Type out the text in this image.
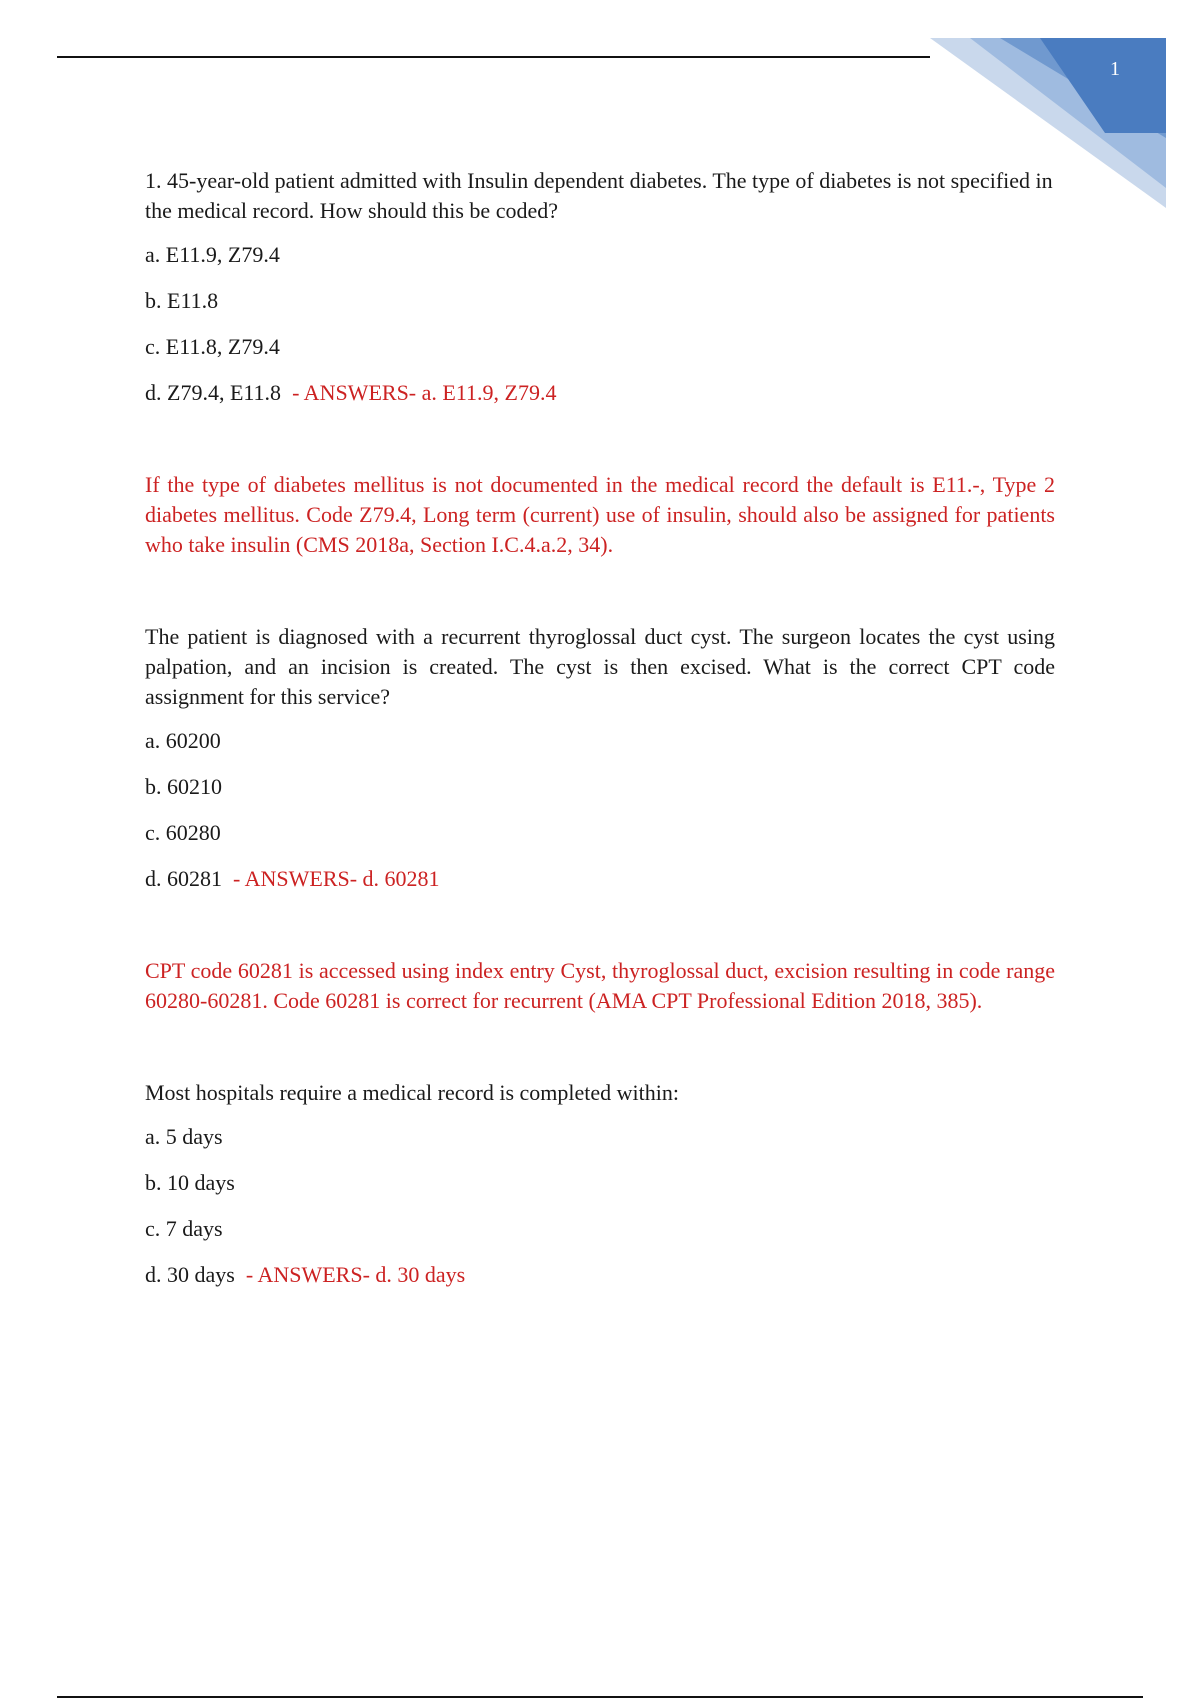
1

1. 45-year-old patient admitted with Insulin dependent diabetes. The type of diabetes is not specified in the medical record. How should this be coded?

a. E11.9, Z79.4

b. E11.8

c. E11.8, Z79.4

d. Z79.4, E11.8 - ANSWERS- a. E11.9, Z79.4

If the type of diabetes mellitus is not documented in the medical record the default is E11.-, Type 2 diabetes mellitus. Code Z79.4, Long term (current) use of insulin, should also be assigned for patients who take insulin (CMS 2018a, Section I.C.4.a.2, 34).

The patient is diagnosed with a recurrent thyroglossal duct cyst. The surgeon locates the cyst using palpation, and an incision is created. The cyst is then excised. What is the correct CPT code assignment for this service?

a. 60200

b. 60210

c. 60280

d. 60281 - ANSWERS- d. 60281

CPT code 60281 is accessed using index entry Cyst, thyroglossal duct, excision resulting in code range 60280-60281. Code 60281 is correct for recurrent (AMA CPT Professional Edition 2018, 385).

Most hospitals require a medical record is completed within:

a. 5 days

b. 10 days

c. 7 days

d. 30 days - ANSWERS- d. 30 days
